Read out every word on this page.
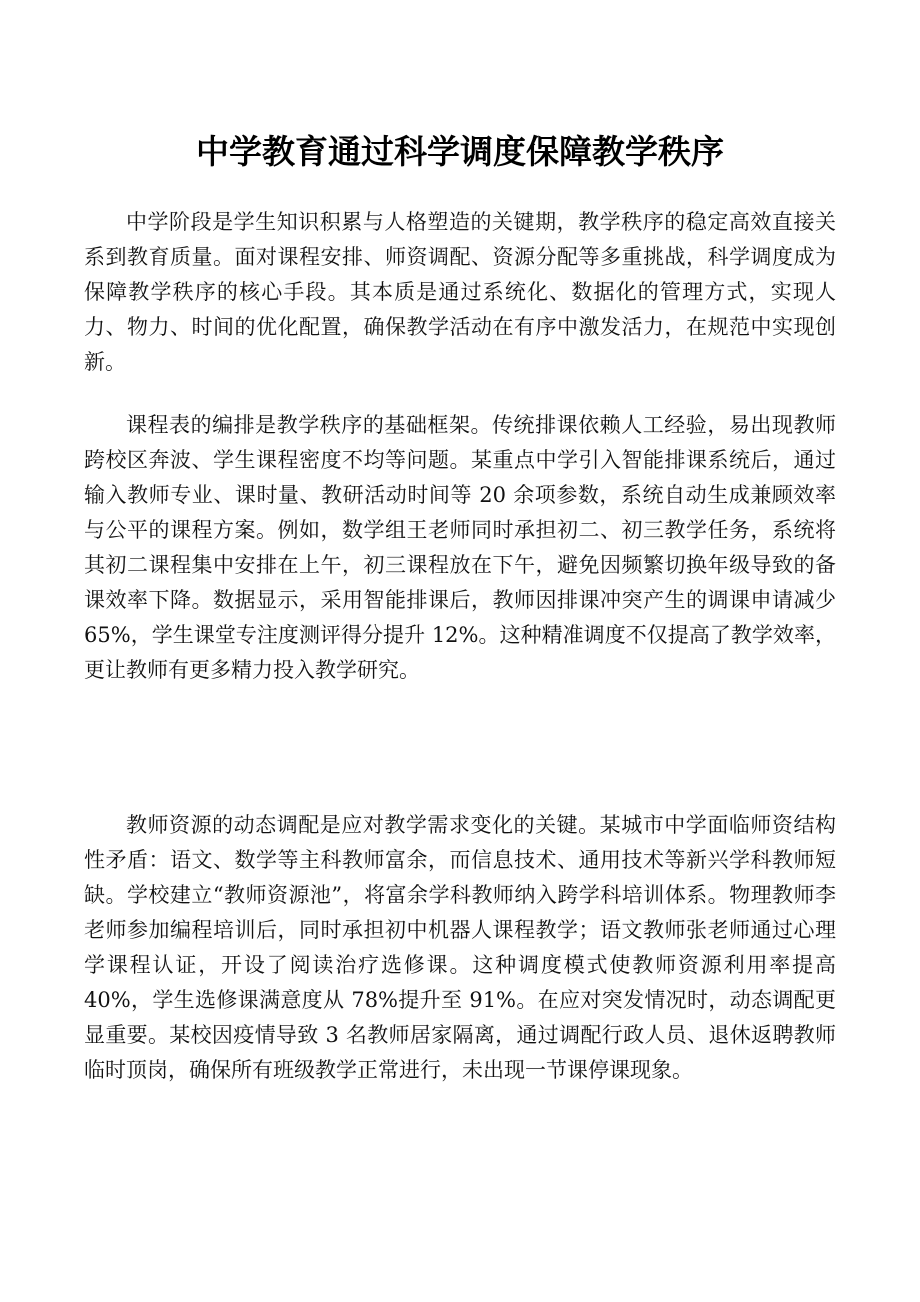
中学教育通过科学调度保障教学秩序

中学阶段是学生知识积累与人格塑造的关键期，教学秩序的稳定高效直接关系到教育质量。面对课程安排、师资调配、资源分配等多重挑战，科学调度成为保障教学秩序的核心手段。其本质是通过系统化、数据化的管理方式，实现人力、物力、时间的优化配置，确保教学活动在有序中激发活力，在规范中实现创新。

课程表的编排是教学秩序的基础框架。传统排课依赖人工经验，易出现教师跨校区奔波、学生课程密度不均等问题。某重点中学引入智能排课系统后，通过输入教师专业、课时量、教研活动时间等 20 余项参数，系统自动生成兼顾效率与公平的课程方案。例如，数学组王老师同时承担初二、初三教学任务，系统将其初二课程集中安排在上午，初三课程放在下午，避免因频繁切换年级导致的备课效率下降。数据显示，采用智能排课后，教师因排课冲突产生的调课申请减少 65%，学生课堂专注度测评得分提升 12%。这种精准调度不仅提高了教学效率，更让教师有更多精力投入教学研究。

教师资源的动态调配是应对教学需求变化的关键。某城市中学面临师资结构性矛盾：语文、数学等主科教师富余，而信息技术、通用技术等新兴学科教师短缺。学校建立“教师资源池”，将富余学科教师纳入跨学科培训体系。物理教师李老师参加编程培训后，同时承担初中机器人课程教学；语文教师张老师通过心理学课程认证，开设了阅读治疗选修课。这种调度模式使教师资源利用率提高 40%，学生选修课满意度从 78%提升至 91%。在应对突发情况时，动态调配更显重要。某校因疫情导致 3 名教师居家隔离，通过调配行政人员、退休返聘教师临时顶岗，确保所有班级教学正常进行，未出现一节课停课现象。
